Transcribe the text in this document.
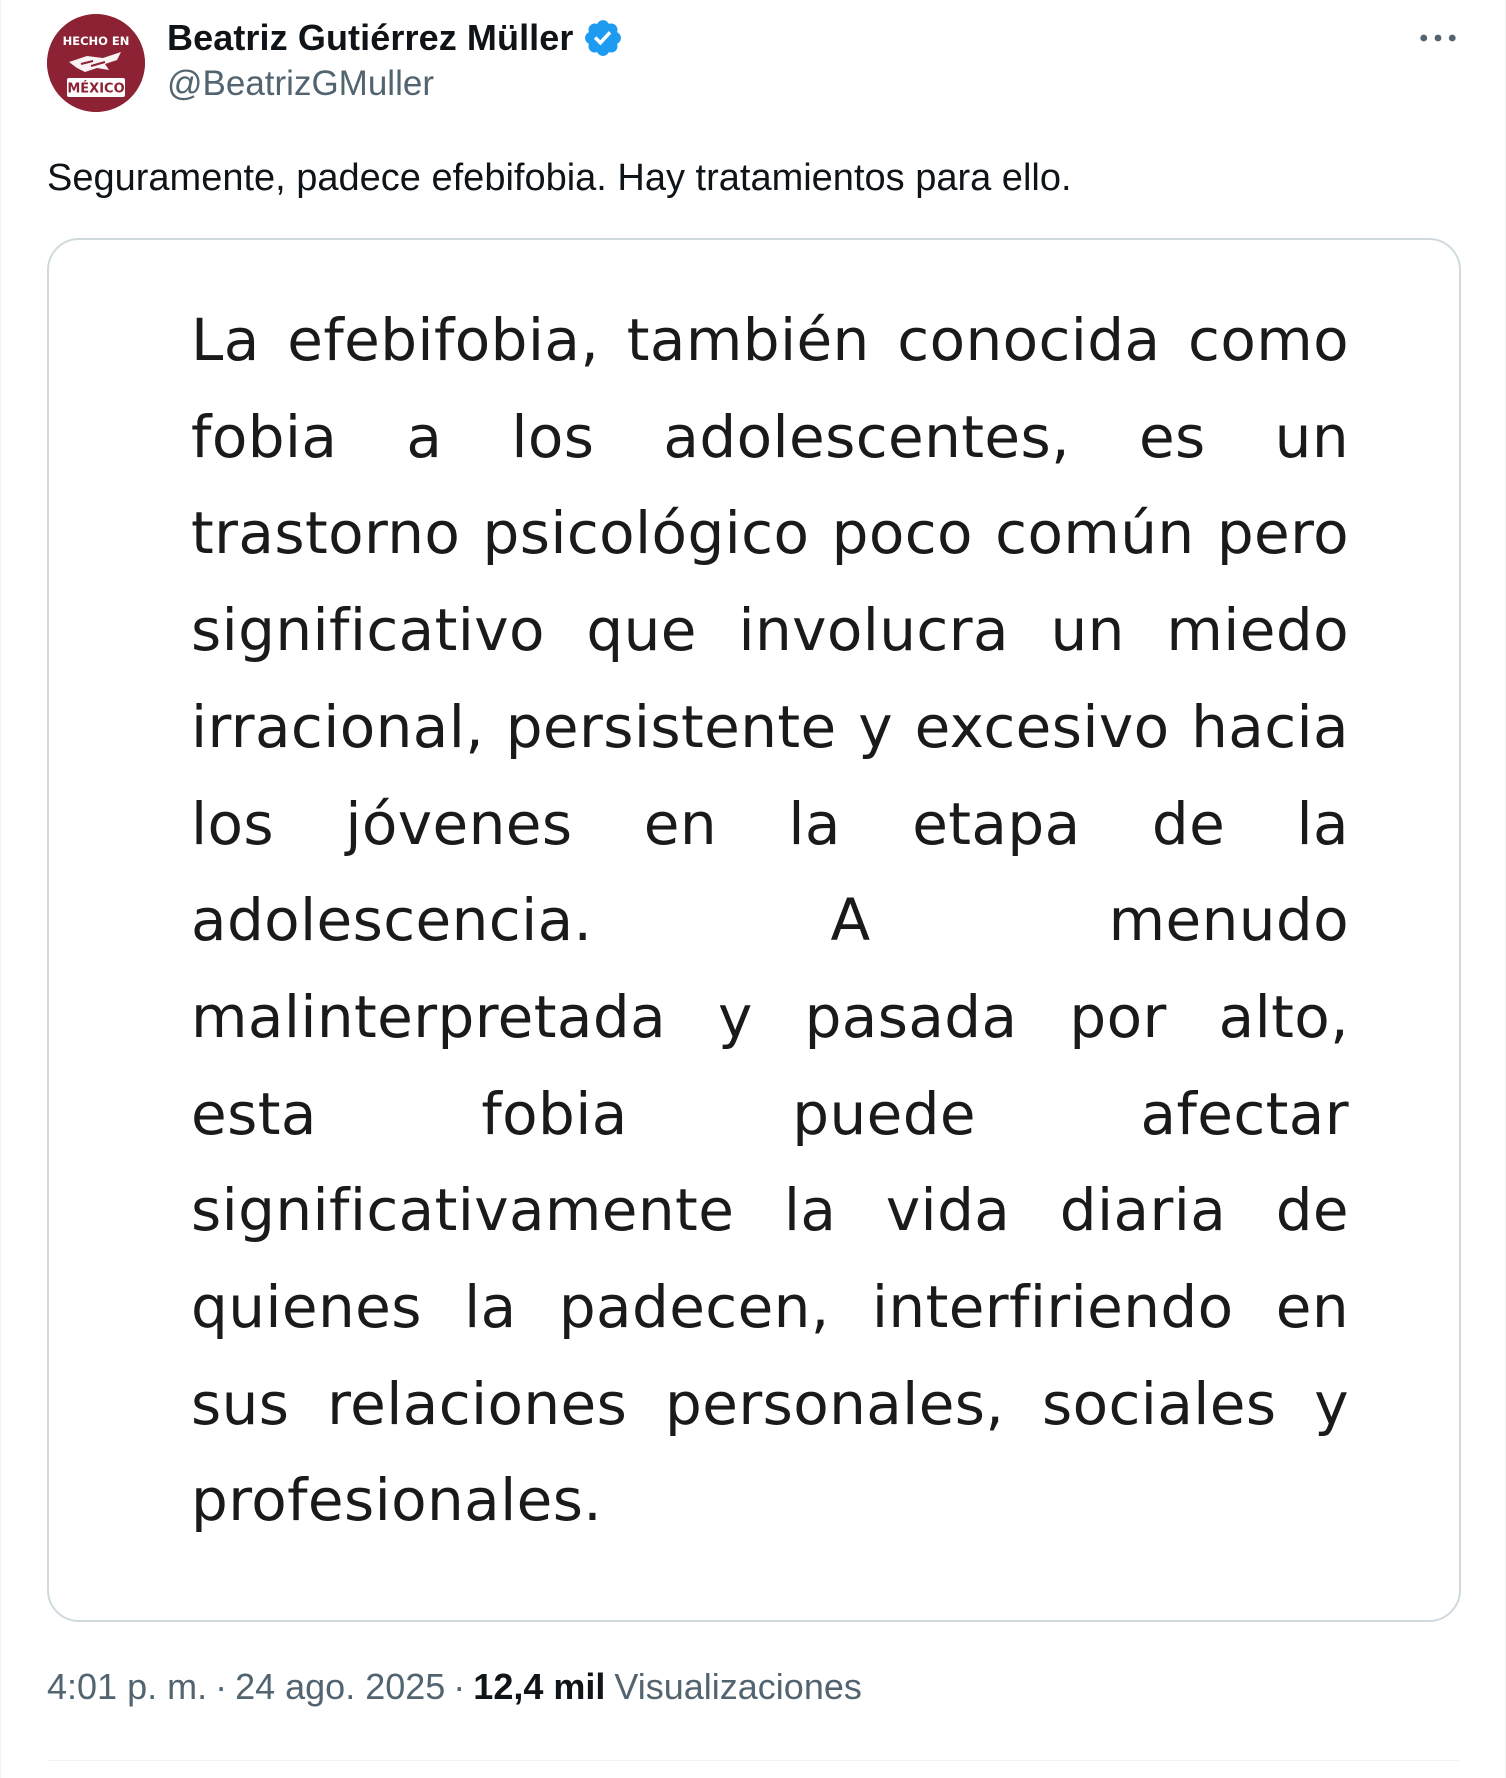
HECHO EN
MÉXICO
Beatriz Gutiérrez Müller
@BeatrizGMuller
Seguramente, padece efebifobia. Hay tratamientos para ello.
La efebifobia, también conocida como fobia a los adolescentes, es un trastorno psicológico poco común pero significativo que involucra un miedo irracional, persistente y excesivo hacia los jóvenes en la etapa de la adolescencia. A menudo malinterpretada y pasada por alto, esta fobia puede afectar significativamente la vida diaria de quienes la padecen, interfiriendo en sus relaciones personales, sociales y profesionales.
4:01 p. m. · 24 ago. 2025 · 12,4 mil Visualizaciones
